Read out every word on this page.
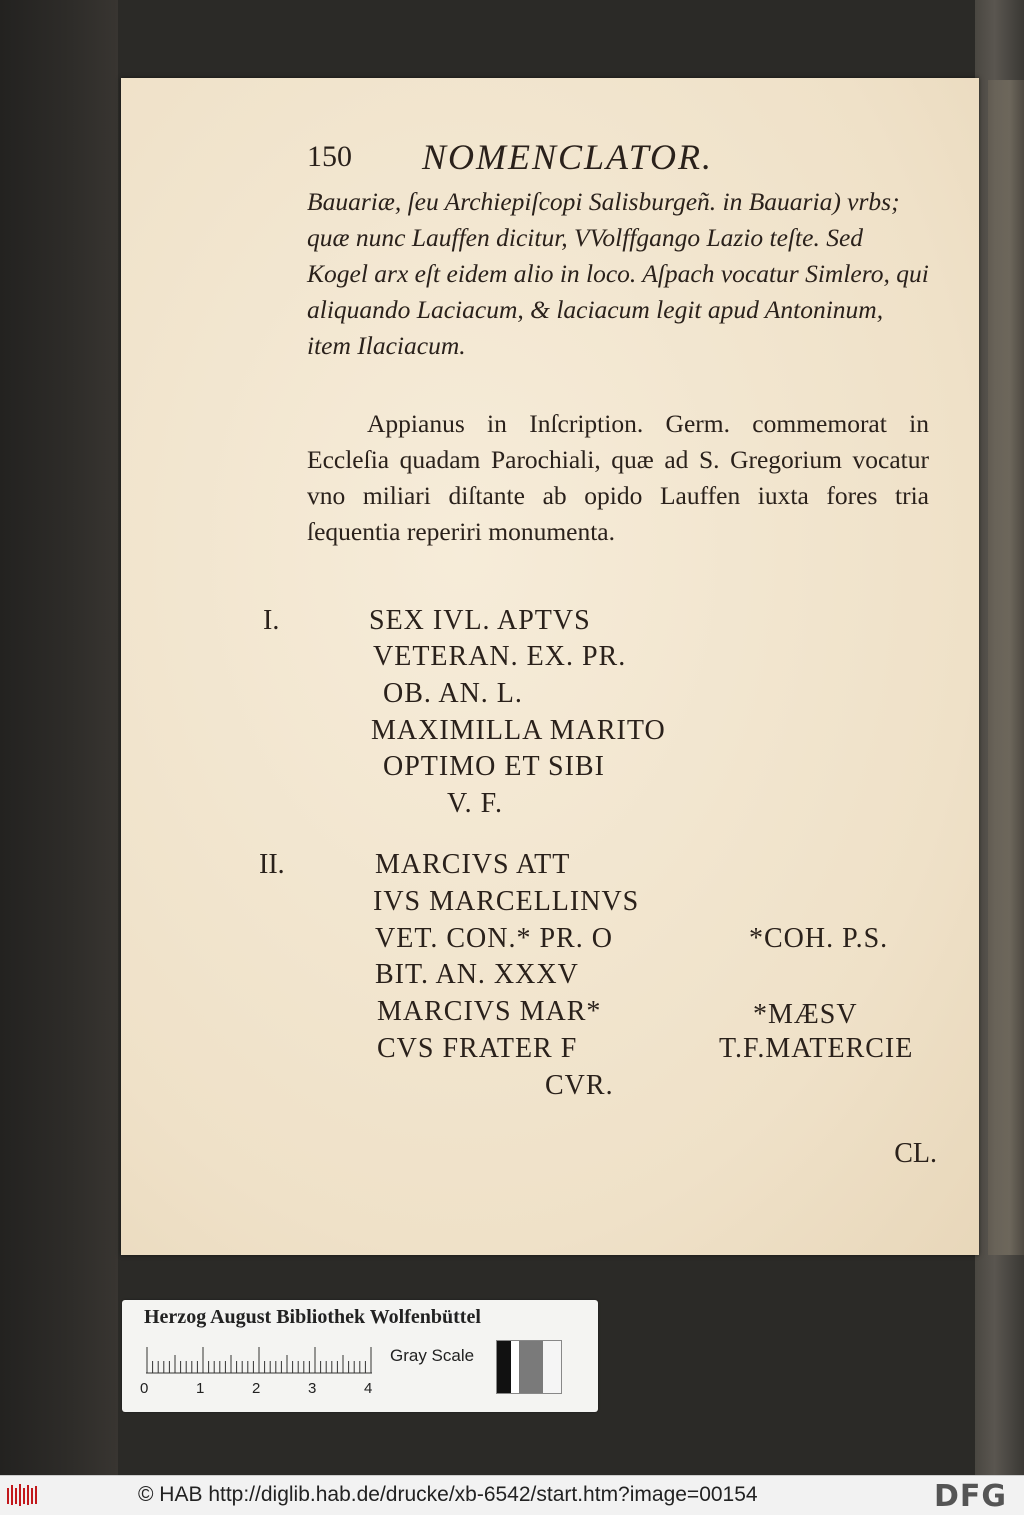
150 NOMENCLATOR.

Bauariæ, ſeu Archiepiſcopi Salisburgeñ. in Bauaria) vrbs; quæ nunc Lauffen dicitur, VVolffgango Lazio teſte. Sed Kogel arx eſt eidem alio in loco. Aſpach vocatur Simlero, qui aliquando Laciacum, & laciacum legit apud Antoninum, item Ilaciacum.

Appianus in Inſcription. Germ. commemorat in Eccleſia quadam Parochiali, quæ ad S. Gregorium vocatur vno miliari diſtante ab opido Lauffen iuxta fores tria ſequentia reperiri monumenta.

I.	SEX IVL. APTVS
VETERAN. EX. PR.
OB. AN. L.
MAXIMILLA MARITO
OPTIMO ET SIBI
V. F.
II.	MARCIVS ATT
IVS MARCELLINVS
VET. CON.* PR. O
BIT. AN. XXXV
MARCIVS MAR*
CVS FRATER F
CVR.
*COH. P.S.
*MÆSV
T.F.MATERCIE
CL.
Herzog August Bibliothek Wolfenbüttel
0	1	2	3	4
Gray Scale
© HAB http://diglib.hab.de/drucke/xb-6542/start.htm?image=00154	DFG
